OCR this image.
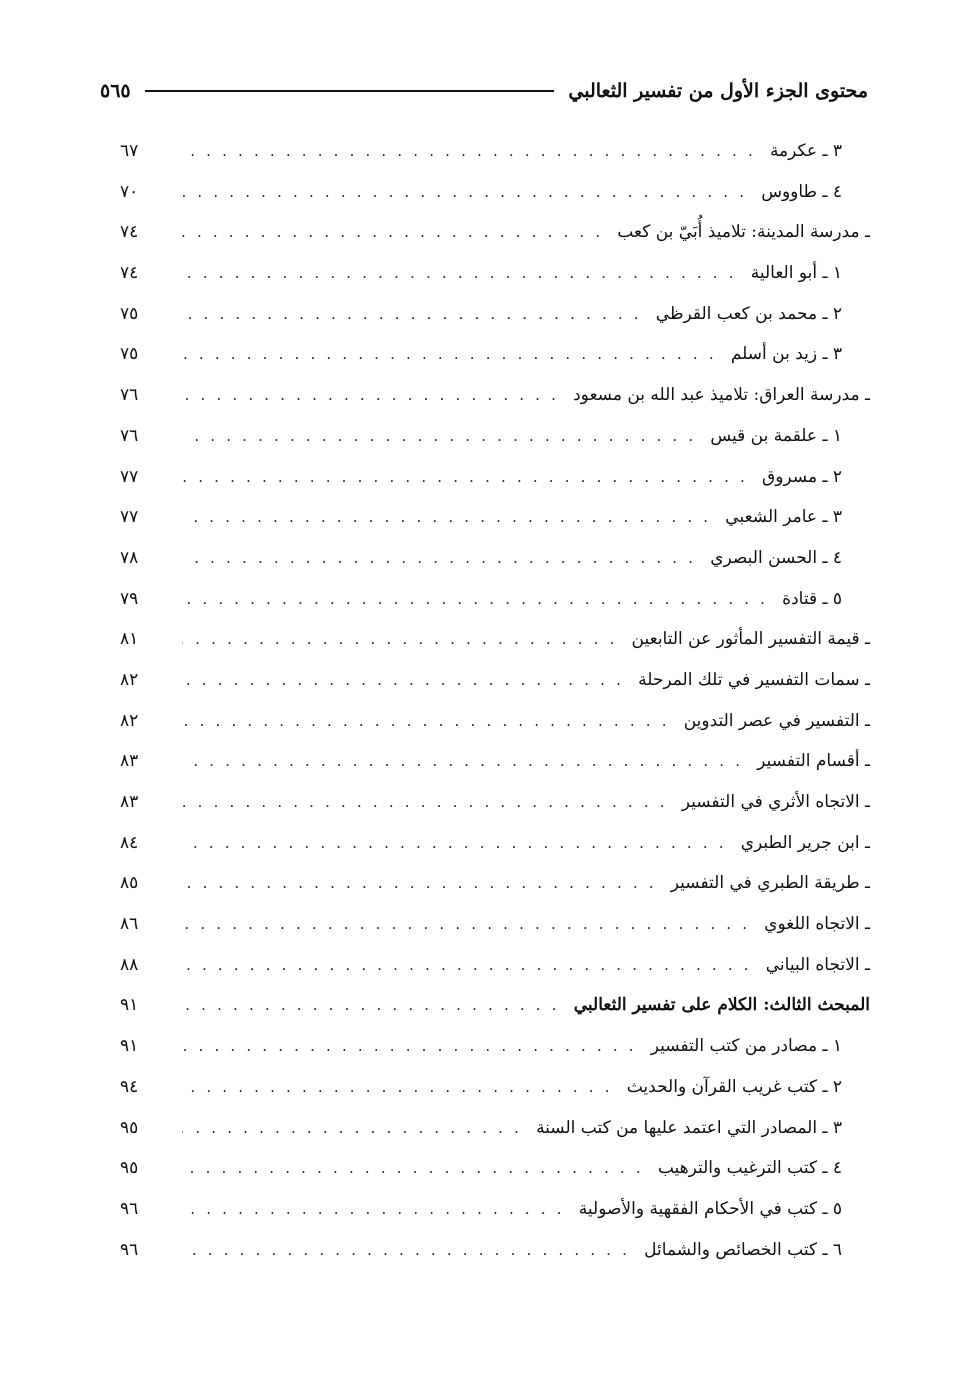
محتوى الجزء الأول من تفسير الثعالبي
٥٦٥
٣ ـ عكرمة
. . .
٦٧
٤ ـ طاووس
. . .
٧٠
ـ مدرسة المدينة: تلاميذ أُبَيّ بن كعب
. . .
٧٤
١ ـ أبو العالية
. . .
٧٤
٢ ـ محمد بن كعب القرظي
. . .
٧٥
٣ ـ زيد بن أسلم
. . .
٧٥
ـ مدرسة العراق: تلاميذ عبد الله بن مسعود
. . .
٧٦
١ ـ علقمة بن قيس
. . .
٧٦
٢ ـ مسروق
. . .
٧٧
٣ ـ عامر الشعبي
. . .
٧٧
٤ ـ الحسن البصري
. . .
٧٨
٥ ـ قتادة
. . .
٧٩
ـ قيمة التفسير المأثور عن التابعين
. . .
٨١
ـ سمات التفسير في تلك المرحلة
. . .
٨٢
ـ التفسير في عصر التدوين
. . .
٨٢
ـ أقسام التفسير
. . .
٨٣
ـ الاتجاه الأثري في التفسير
. . .
٨٣
ـ ابن جرير الطبري
. . .
٨٤
ـ طريقة الطبري في التفسير
. . .
٨٥
ـ الاتجاه اللغوي
. . .
٨٦
ـ الاتجاه البياني
. . .
٨٨
المبحث الثالث: الكلام على تفسير الثعالبي
. . .
٩١
١ ـ مصادر من كتب التفسير
. . .
٩١
٢ ـ كتب غريب القرآن والحديث
. . .
٩٤
٣ ـ المصادر التي اعتمد عليها من كتب السنة
. . .
٩٥
٤ ـ كتب الترغيب والترهيب
. . .
٩٥
٥ ـ كتب في الأحكام الفقهية والأصولية
. . .
٩٦
٦ ـ كتب الخصائص والشمائل
. . .
٩٦
